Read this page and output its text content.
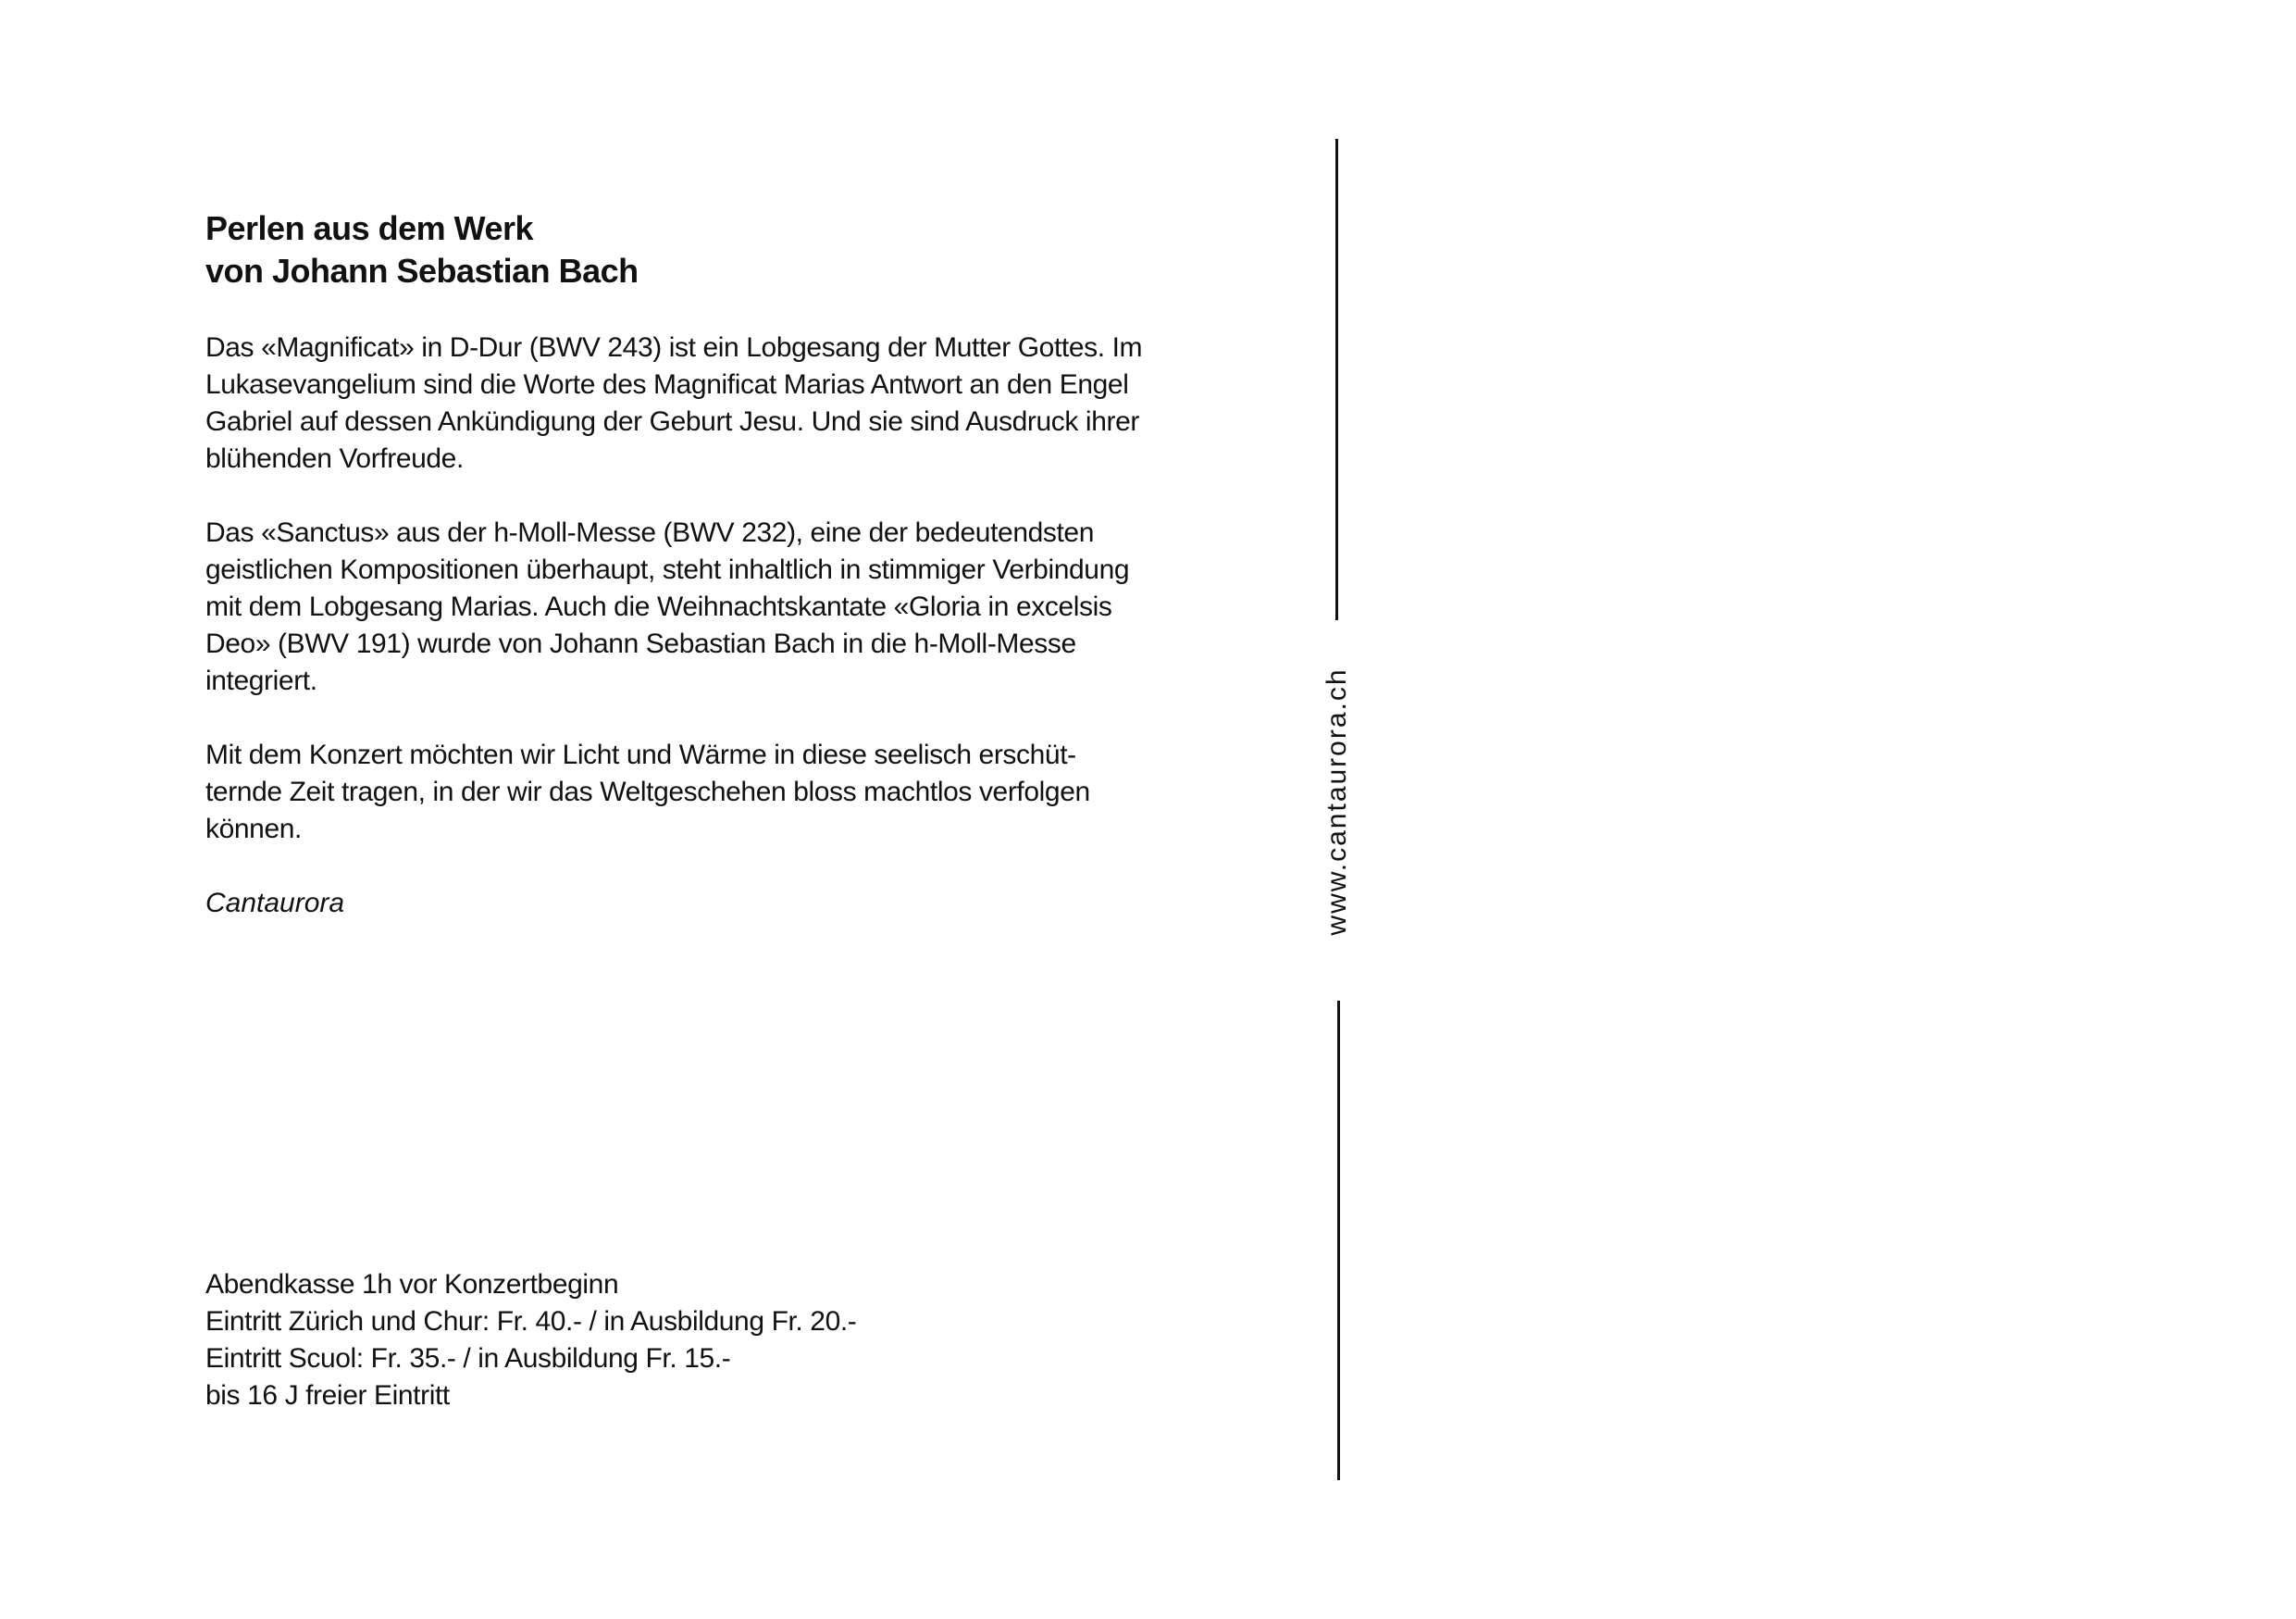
Perlen aus dem Werk
von Johann Sebastian Bach

Das «Magnificat» in D-Dur (BWV 243) ist ein Lobgesang der Mutter Gottes. Im
Lukasevangelium sind die Worte des Magnificat Marias Antwort an den Engel
Gabriel auf dessen Ankündigung der Geburt Jesu. Und sie sind Ausdruck ihrer
blühenden Vorfreude.

Das «Sanctus» aus der h-Moll-Messe (BWV 232), eine der bedeutendsten
geistlichen Kompositionen überhaupt, steht inhaltlich in stimmiger Verbindung
mit dem Lobgesang Marias. Auch die Weihnachtskantate «Gloria in excelsis
Deo» (BWV 191) wurde von Johann Sebastian Bach in die h-Moll-Messe
integriert.

Mit dem Konzert möchten wir Licht und Wärme in diese seelisch erschüt-
ternde Zeit tragen, in der wir das Weltgeschehen bloss machtlos verfolgen
können.

Cantaurora

Abendkasse 1h vor Konzertbeginn
Eintritt Zürich und Chur: Fr. 40.- / in Ausbildung Fr. 20.-
Eintritt Scuol: Fr. 35.- / in Ausbildung Fr. 15.-
bis 16 J freier Eintritt
www.cantaurora.ch
